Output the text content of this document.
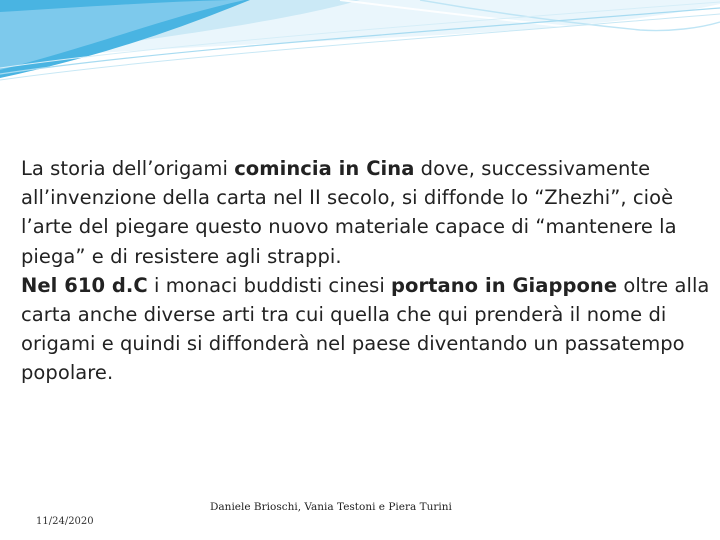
La storia dell’origami comincia in Cina dove, successivamente all’invenzione della carta nel II secolo, si diffonde lo “Zhezhi”, cioè l’arte del piegare questo nuovo materiale capace di “mantenere la piega” e di resistere agli strappi.

Nel 610 d.C i monaci buddisti cinesi portano in Giappone oltre alla carta anche diverse arti tra cui quella che qui prenderà il nome di origami e quindi si diffonderà nel paese diventando un passatempo popolare.

Daniele Brioschi, Vania Testoni e Piera Turini
11/24/2020
